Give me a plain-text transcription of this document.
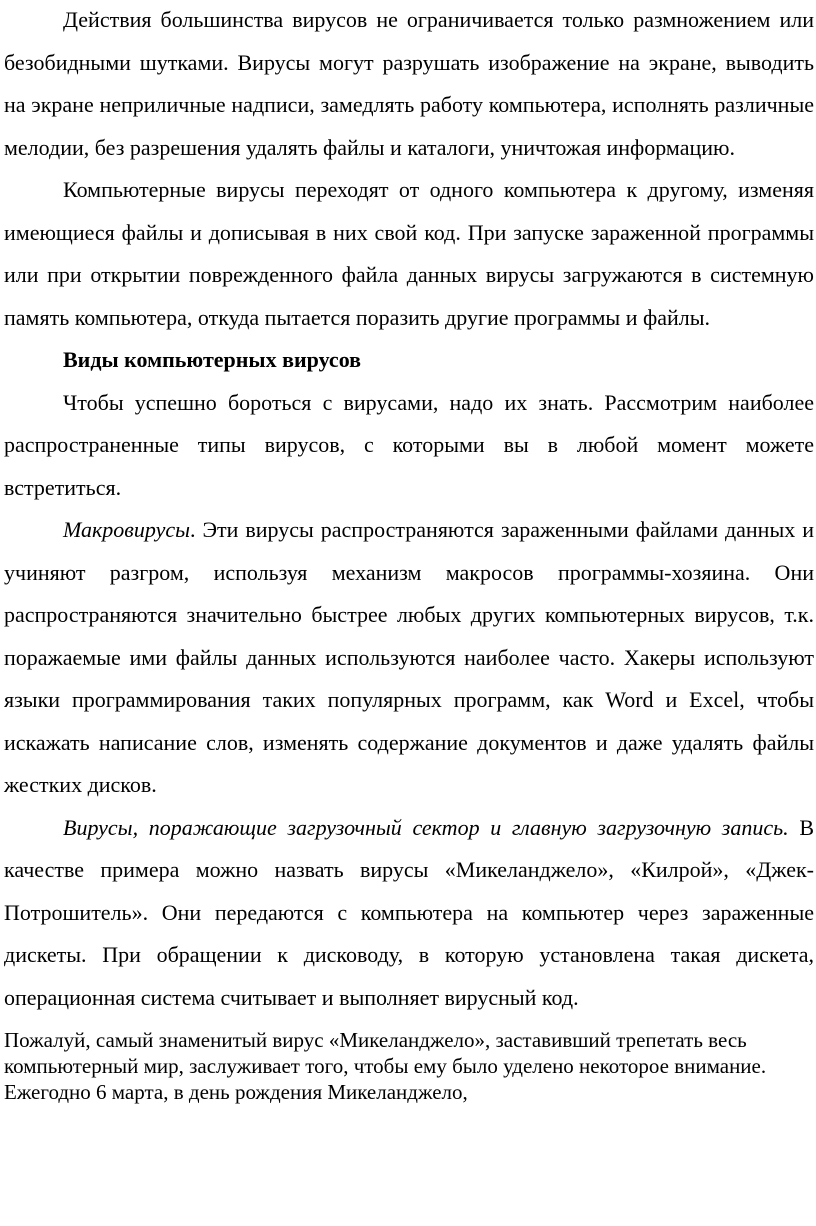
Действия большинства вирусов не ограничивается только размножением или безобидными шутками. Вирусы могут разрушать изображение на экране, выводить на экране неприличные надписи, замедлять работу компьютера, исполнять различные мелодии, без разрешения удалять файлы и каталоги, уничтожая информацию.

Компьютерные вирусы переходят от одного компьютера к другому, изменяя имеющиеся файлы и дописывая в них свой код. При запуске зараженной программы или при открытии поврежденного файла данных вирусы загружаются в системную память компьютера, откуда пытается поразить другие программы и файлы.

Виды компьютерных вирусов

Чтобы успешно бороться с вирусами, надо их знать. Рассмотрим наиболее распространенные типы вирусов, с которыми вы в любой момент можете встретиться.

Макровирусы. Эти вирусы распространяются зараженными файлами данных и учиняют разгром, используя механизм макросов программы-хозяина. Они распространяются значительно быстрее любых других компьютерных вирусов, т.к. поражаемые ими файлы данных используются наиболее часто. Хакеры используют языки программирования таких популярных программ, как Word и Excel, чтобы искажать написание слов, изменять содержание документов и даже удалять файлы жестких дисков.

Вирусы, поражающие загрузочный сектор и главную загрузочную запись. В качестве примера можно назвать вирусы «Микеланджело», «Килрой», «Джек- Потрошитель». Они передаются с компьютера на компьютер через зараженные дискеты. При обращении к дисководу, в которую установлена такая дискета, операционная система считывает и выполняет вирусный код.

Пожалуй, самый знаменитый вирус «Микеланджело», заставивший трепетать весь компьютерный мир, заслуживает того, чтобы ему было уделено некоторое внимание. Ежегодно 6 марта, в день рождения Микеланджело,
